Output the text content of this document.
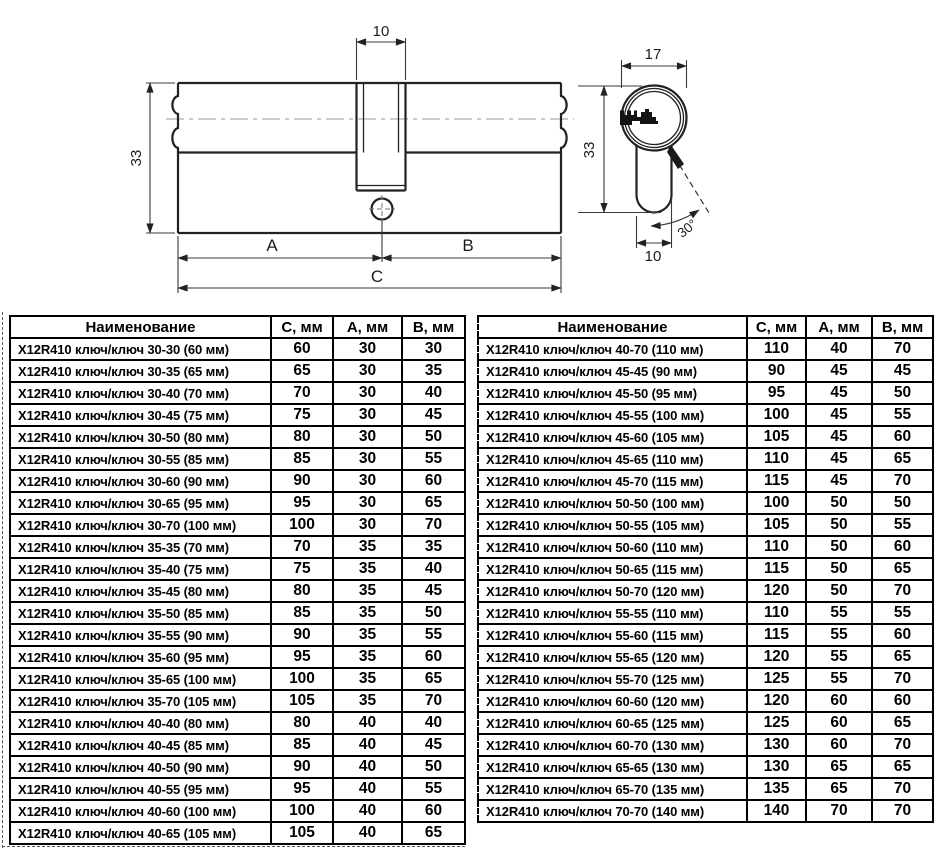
10
33
A	B
C
17
33
10
30°
Наименование	С, мм	А, мм	В, мм
X12R410 ключ/ключ 30-30 (60 мм)	60	30	30
X12R410 ключ/ключ 30-35 (65 мм)	65	30	35
X12R410 ключ/ключ 30-40 (70 мм)	70	30	40
X12R410 ключ/ключ 30-45 (75 мм)	75	30	45
X12R410 ключ/ключ 30-50 (80 мм)	80	30	50
X12R410 ключ/ключ 30-55 (85 мм)	85	30	55
X12R410 ключ/ключ 30-60 (90 мм)	90	30	60
X12R410 ключ/ключ 30-65 (95 мм)	95	30	65
X12R410 ключ/ключ 30-70 (100 мм)	100	30	70
X12R410 ключ/ключ 35-35 (70 мм)	70	35	35
X12R410 ключ/ключ 35-40 (75 мм)	75	35	40
X12R410 ключ/ключ 35-45 (80 мм)	80	35	45
X12R410 ключ/ключ 35-50 (85 мм)	85	35	50
X12R410 ключ/ключ 35-55 (90 мм)	90	35	55
X12R410 ключ/ключ 35-60 (95 мм)	95	35	60
X12R410 ключ/ключ 35-65 (100 мм)	100	35	65
X12R410 ключ/ключ 35-70 (105 мм)	105	35	70
X12R410 ключ/ключ 40-40 (80 мм)	80	40	40
X12R410 ключ/ключ 40-45 (85 мм)	85	40	45
X12R410 ключ/ключ 40-50 (90 мм)	90	40	50
X12R410 ключ/ключ 40-55 (95 мм)	95	40	55
X12R410 ключ/ключ 40-60 (100 мм)	100	40	60
X12R410 ключ/ключ 40-65 (105 мм)	105	40	65
Наименование	С, мм	А, мм	В, мм
X12R410 ключ/ключ 40-70 (110 мм)	110	40	70
X12R410 ключ/ключ 45-45 (90 мм)	90	45	45
X12R410 ключ/ключ 45-50 (95 мм)	95	45	50
X12R410 ключ/ключ 45-55 (100 мм)	100	45	55
X12R410 ключ/ключ 45-60 (105 мм)	105	45	60
X12R410 ключ/ключ 45-65 (110 мм)	110	45	65
X12R410 ключ/ключ 45-70 (115 мм)	115	45	70
X12R410 ключ/ключ 50-50 (100 мм)	100	50	50
X12R410 ключ/ключ 50-55 (105 мм)	105	50	55
X12R410 ключ/ключ 50-60 (110 мм)	110	50	60
X12R410 ключ/ключ 50-65 (115 мм)	115	50	65
X12R410 ключ/ключ 50-70 (120 мм)	120	50	70
X12R410 ключ/ключ 55-55 (110 мм)	110	55	55
X12R410 ключ/ключ 55-60 (115 мм)	115	55	60
X12R410 ключ/ключ 55-65 (120 мм)	120	55	65
X12R410 ключ/ключ 55-70 (125 мм)	125	55	70
X12R410 ключ/ключ 60-60 (120 мм)	120	60	60
X12R410 ключ/ключ 60-65 (125 мм)	125	60	65
X12R410 ключ/ключ 60-70 (130 мм)	130	60	70
X12R410 ключ/ключ 65-65 (130 мм)	130	65	65
X12R410 ключ/ключ 65-70 (135 мм)	135	65	70
X12R410 ключ/ключ 70-70 (140 мм)	140	70	70
